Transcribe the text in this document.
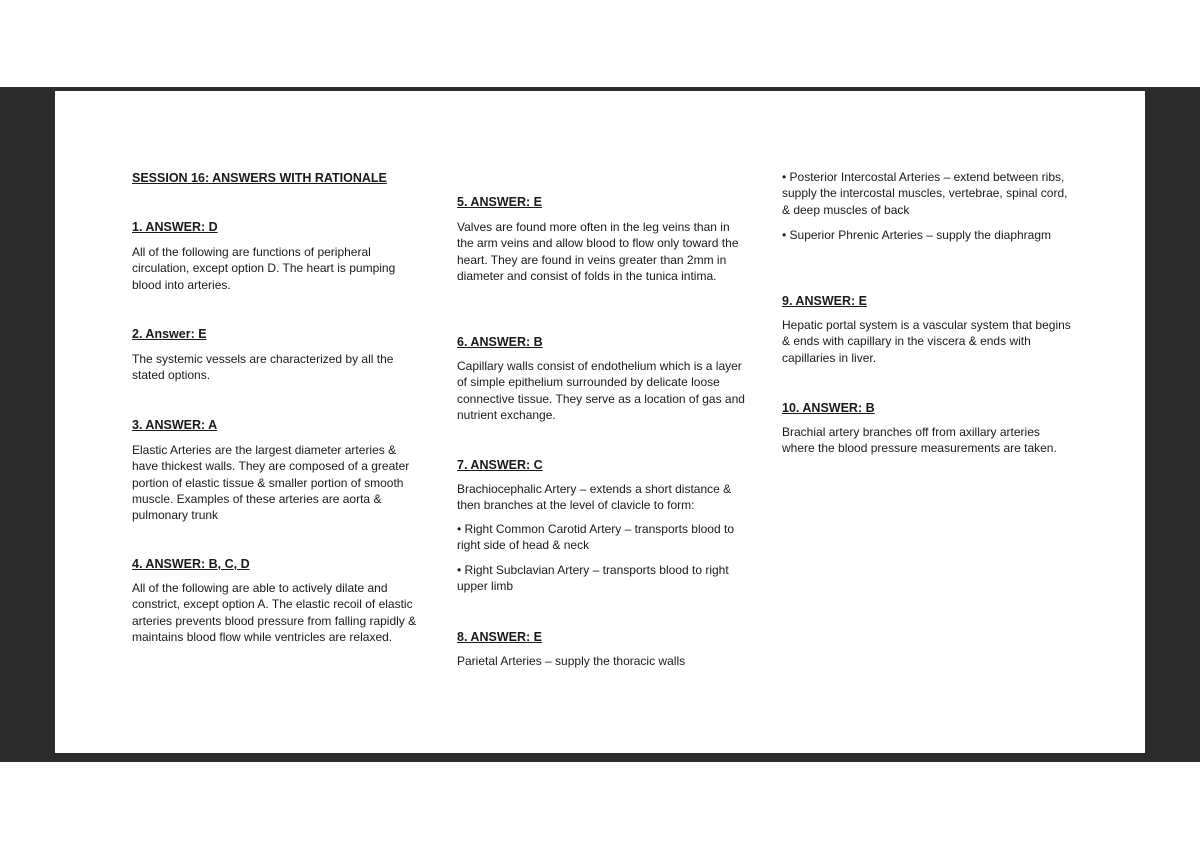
SESSION 16: ANSWERS WITH RATIONALE
1. ANSWER: D

All of the following are functions of peripheral circulation, except option D. The heart is pumping blood into arteries.

2. Answer: E

The systemic vessels are characterized by all the stated options.

3. ANSWER: A

Elastic Arteries are the largest diameter arteries & have thickest walls. They are composed of a greater portion of elastic tissue & smaller portion of smooth muscle. Examples of these arteries are aorta & pulmonary trunk

4. ANSWER: B, C, D

All of the following are able to actively dilate and constrict, except option A. The elastic recoil of elastic arteries prevents blood pressure from falling rapidly & maintains blood flow while ventricles are relaxed.

5. ANSWER: E

Valves are found more often in the leg veins than in the arm veins and allow blood to flow only toward the heart. They are found in veins greater than 2mm in diameter and consist of folds in the tunica intima.

6. ANSWER: B

Capillary walls consist of endothelium which is a layer of simple epithelium surrounded by delicate loose connective tissue. They serve as a location of gas and nutrient exchange.

7. ANSWER: C

Brachiocephalic Artery – extends a short distance & then branches at the level of clavicle to form:

• Right Common Carotid Artery – transports blood to right side of head & neck

• Right Subclavian Artery – transports blood to right upper limb

8. ANSWER: E

Parietal Arteries – supply the thoracic walls

• Posterior Intercostal Arteries – extend between ribs, supply the intercostal muscles, vertebrae, spinal cord, & deep muscles of back

• Superior Phrenic Arteries – supply the diaphragm

9. ANSWER: E

Hepatic portal system is a vascular system that begins & ends with capillary in the viscera & ends with capillaries in liver.

10. ANSWER: B

Brachial artery branches off from axillary arteries where the blood pressure measurements are taken.
